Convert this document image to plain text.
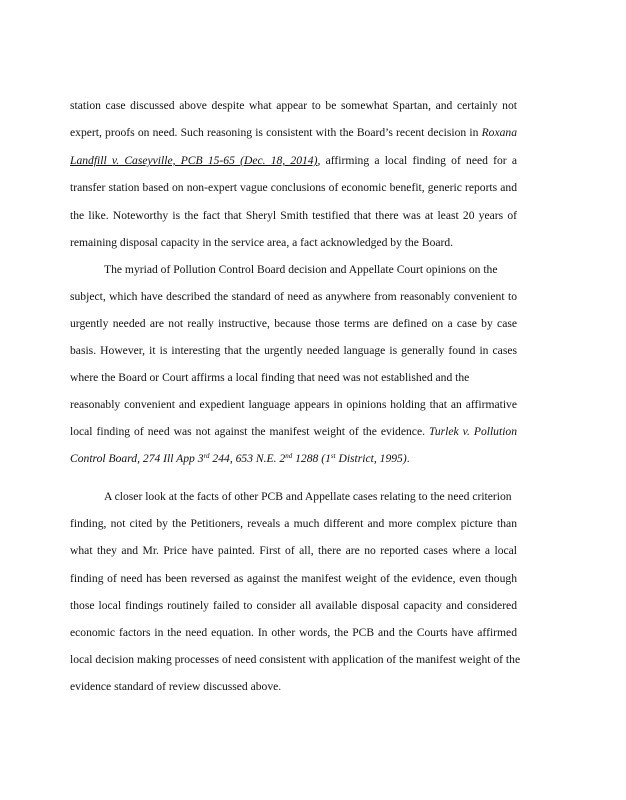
station case discussed above despite what appear to be somewhat Spartan, and certainly not
expert, proofs on need. Such reasoning is consistent with the Board’s recent decision in Roxana
Landfill v. Caseyville, PCB 15-65 (Dec. 18, 2014), affirming a local finding of need for a
transfer station based on non-expert vague conclusions of economic benefit, generic reports and
the like. Noteworthy is the fact that Sheryl Smith testified that there was at least 20 years of
remaining disposal capacity in the service area, a fact acknowledged by the Board.
The myriad of Pollution Control Board decision and Appellate Court opinions on the
subject, which have described the standard of need as anywhere from reasonably convenient to
urgently needed are not really instructive, because those terms are defined on a case by case
basis. However, it is interesting that the urgently needed language is generally found in cases
where the Board or Court affirms a local finding that need was not established and the
reasonably convenient and expedient language appears in opinions holding that an affirmative
local finding of need was not against the manifest weight of the evidence. Turlek v. Pollution
Control Board, 274 Ill App 3rd 244, 653 N.E. 2nd 1288 (1st District, 1995).
A closer look at the facts of other PCB and Appellate cases relating to the need criterion
finding, not cited by the Petitioners, reveals a much different and more complex picture than
what they and Mr. Price have painted. First of all, there are no reported cases where a local
finding of need has been reversed as against the manifest weight of the evidence, even though
those local findings routinely failed to consider all available disposal capacity and considered
economic factors in the need equation. In other words, the PCB and the Courts have affirmed
local decision making processes of need consistent with application of the manifest weight of the
evidence standard of review discussed above.
